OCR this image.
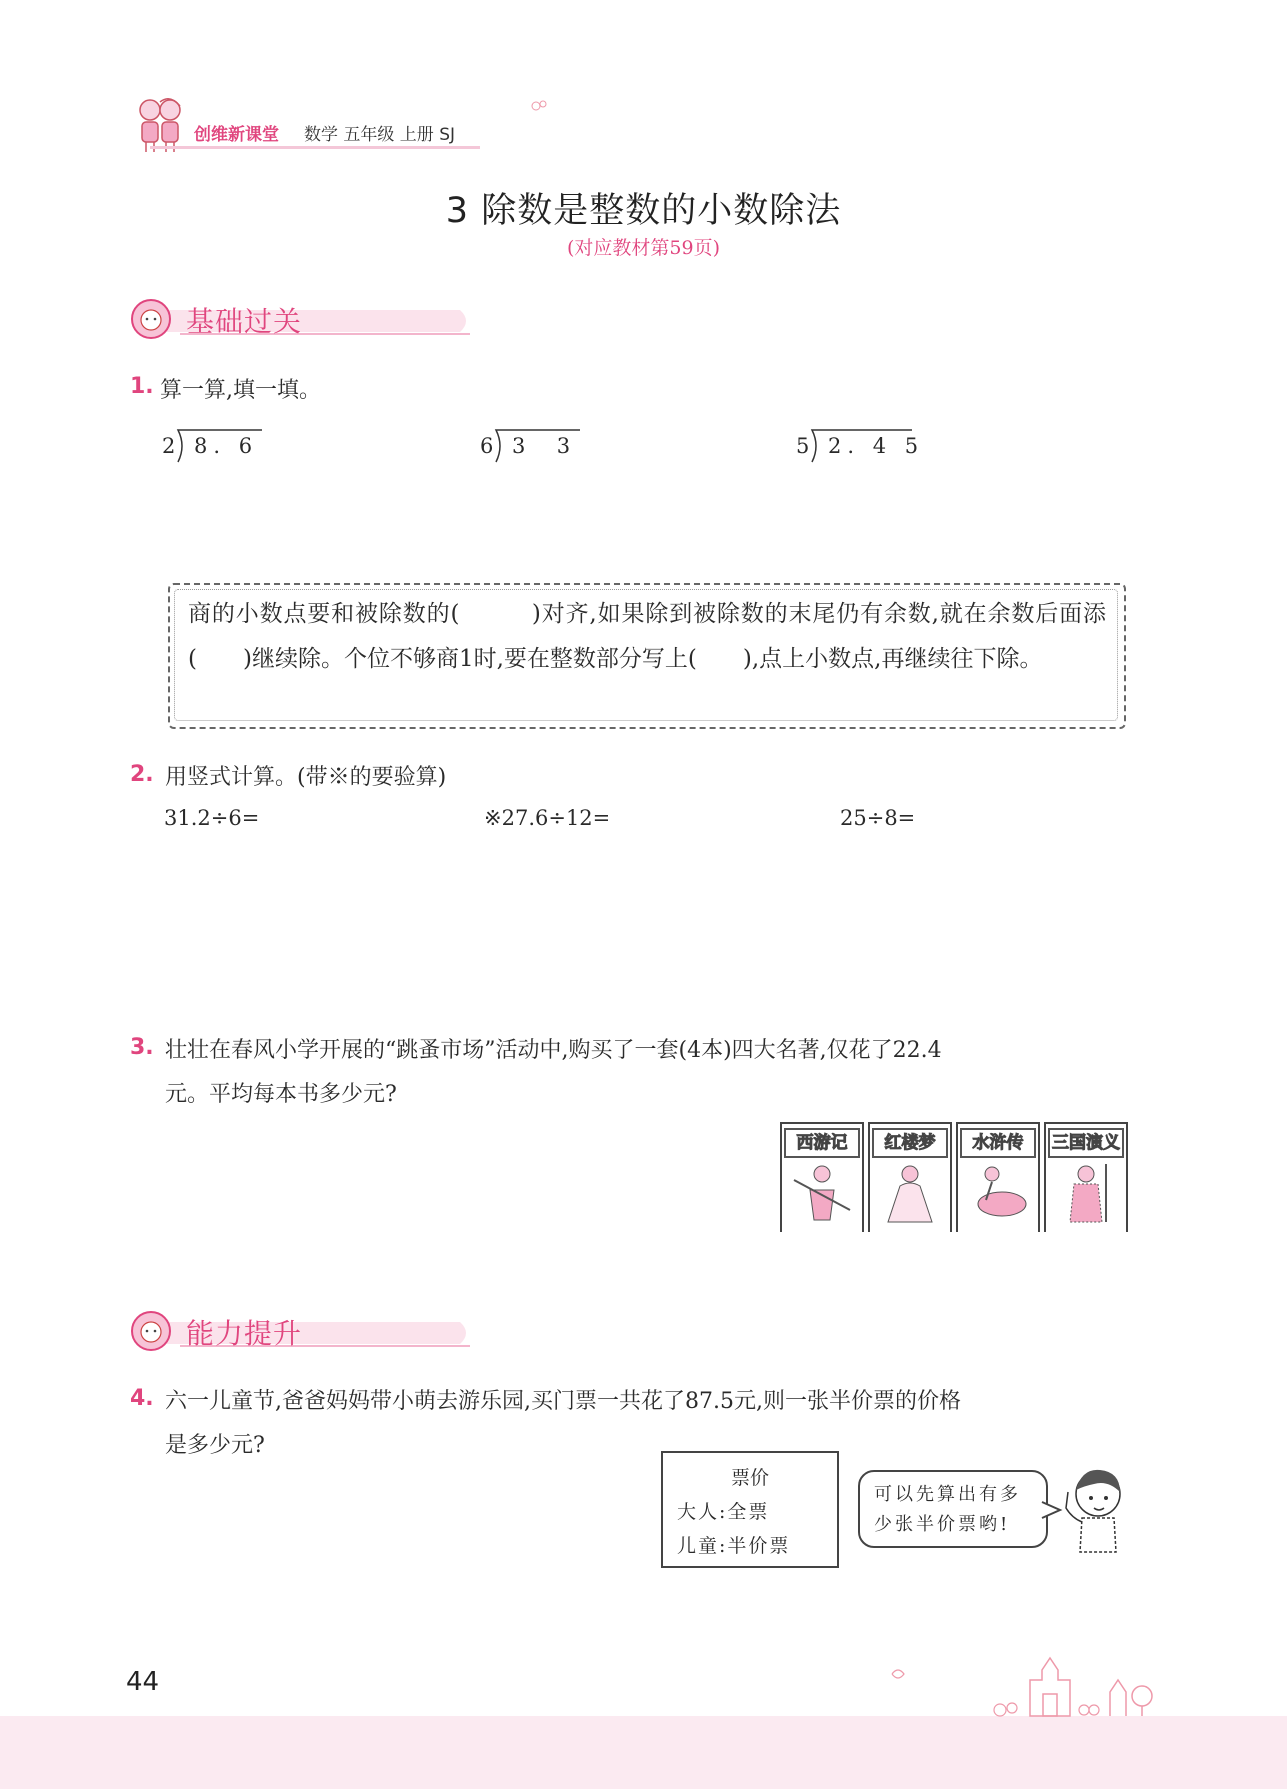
创维新课堂 数学 五年级 上册 SJ
3 除数是整数的小数除法
(对应教材第59页)
基础过关
1. 算一算,填一填。
2 8. 6	6 3  3	5 2. 4 5
商的小数点要和被除数的(　　　)对齐,如果除到被除数的末尾仍有余数,就在余数后面添(　　)继续除。个位不够商1时,要在整数部分写上(　　),点上小数点,再继续往下除。
2. 用竖式计算。(带※的要验算)
31.2÷6=	※27.6÷12=	25÷8=
3. 壮壮在春风小学开展的“跳蚤市场”活动中,购买了一套(4本)四大名著,仅花了22.4
元。平均每本书多少元?
西游记	红楼梦	水浒传	三国演义
能力提升
4. 六一儿童节,爸爸妈妈带小萌去游乐园,买门票一共花了87.5元,则一张半价票的价格
是多少元?
票价
大人:全票
儿童:半价票
可以先算出有多少张半价票哟!
44
